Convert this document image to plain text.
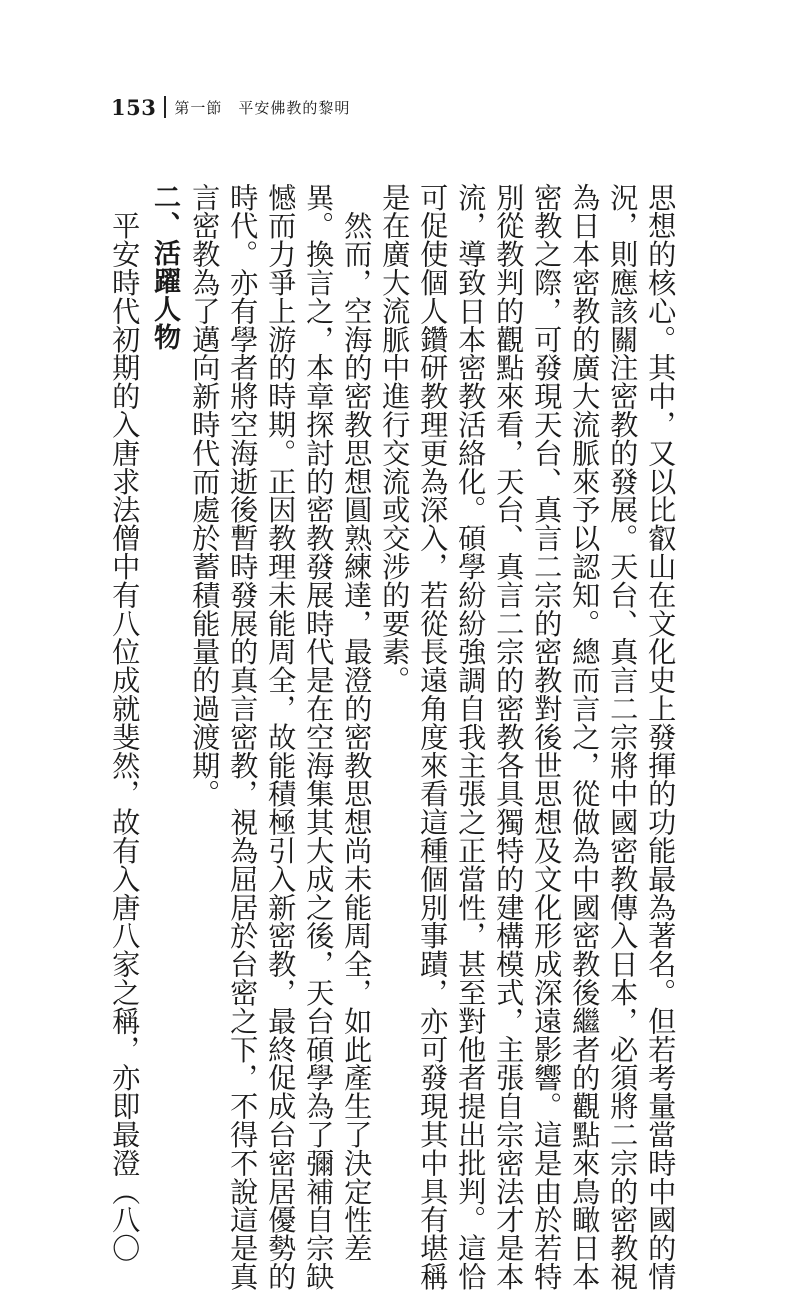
153 第一節　平安佛教的黎明
思想的核心。其中，又以比叡山在文化史上發揮的功能最為著名。但若考量當時中國的情
況，則應該關注密教的發展。天台、真言二宗將中國密教傳入日本，必須將二宗的密教視
為日本密教的廣大流脈來予以認知。總而言之，從做為中國密教後繼者的觀點來鳥瞰日本
密教之際，可發現天台、真言二宗的密教對後世思想及文化形成深遠影響。這是由於若特
別從教判的觀點來看，天台、真言二宗的密教各具獨特的建構模式，主張自宗密法才是本
流，導致日本密教活絡化。碩學紛紛強調自我主張之正當性，甚至對他者提出批判。這恰
可促使個人鑽研教理更為深入，若從長遠角度來看這種個別事蹟，亦可發現其中具有堪稱
是在廣大流脈中進行交流或交涉的要素。
　然而，空海的密教思想圓熟練達，最澄的密教思想尚未能周全，如此產生了決定性差
異。換言之，本章探討的密教發展時代是在空海集其大成之後，天台碩學為了彌補自宗缺
憾而力爭上游的時期。正因教理未能周全，故能積極引入新密教，最終促成台密居優勢的
時代。亦有學者將空海逝後暫時發展的真言密教，視為屈居於台密之下，不得不說這是真
言密教為了邁向新時代而處於蓄積能量的過渡期。
二、活躍人物
　平安時代初期的入唐求法僧中有八位成就斐然，故有入唐八家之稱，亦即最澄（八〇
